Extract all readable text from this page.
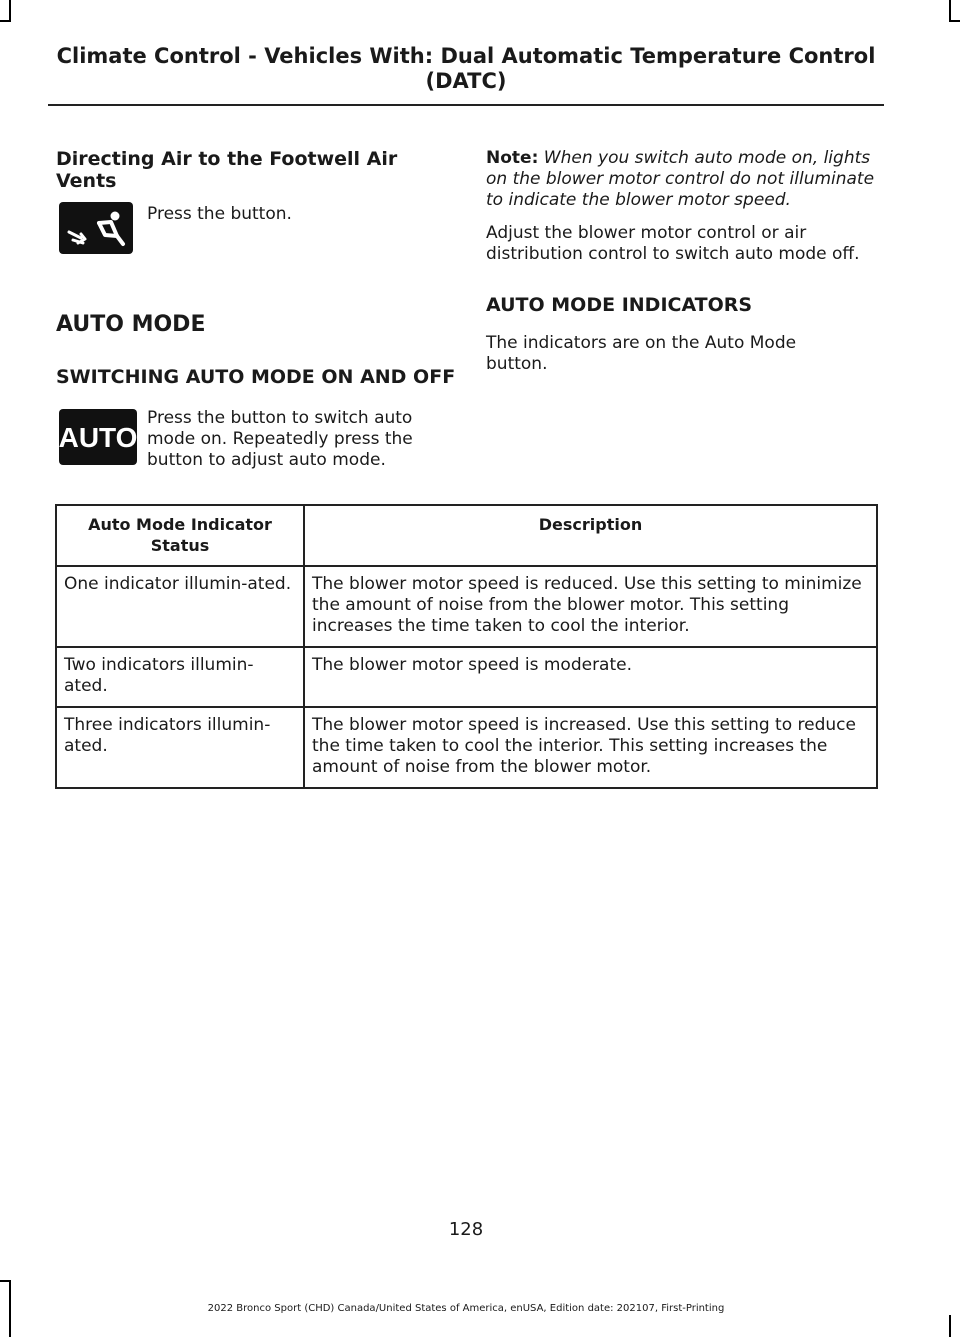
Climate Control - Vehicles With: Dual Automatic Temperature Control (DATC)
Directing Air to the Footwell Air Vents

Press the button.

AUTO MODE
SWITCHING AUTO MODE ON AND OFF
AUTO

Press the button to switch auto mode on. Repeatedly press the button to adjust auto mode.

Note: When you switch auto mode on, lights on the blower motor control do not illuminate to indicate the blower motor speed.

Adjust the blower motor control or air distribution control to switch auto mode off.

AUTO MODE INDICATORS

The indicators are on the Auto Mode button.

Auto Mode Indicator Status	Description
One indicator illumin-ated.	The blower motor speed is reduced. Use this setting to minimize the amount of noise from the blower motor. This setting increases the time taken to cool the interior.
Two indicators illumin-ated.	The blower motor speed is moderate.
Three indicators illumin-ated.	The blower motor speed is increased. Use this setting to reduce the time taken to cool the interior. This setting increases the amount of noise from the blower motor.
128
2022 Bronco Sport (CHD) Canada/United States of America, enUSA, Edition date: 202107, First-Printing
